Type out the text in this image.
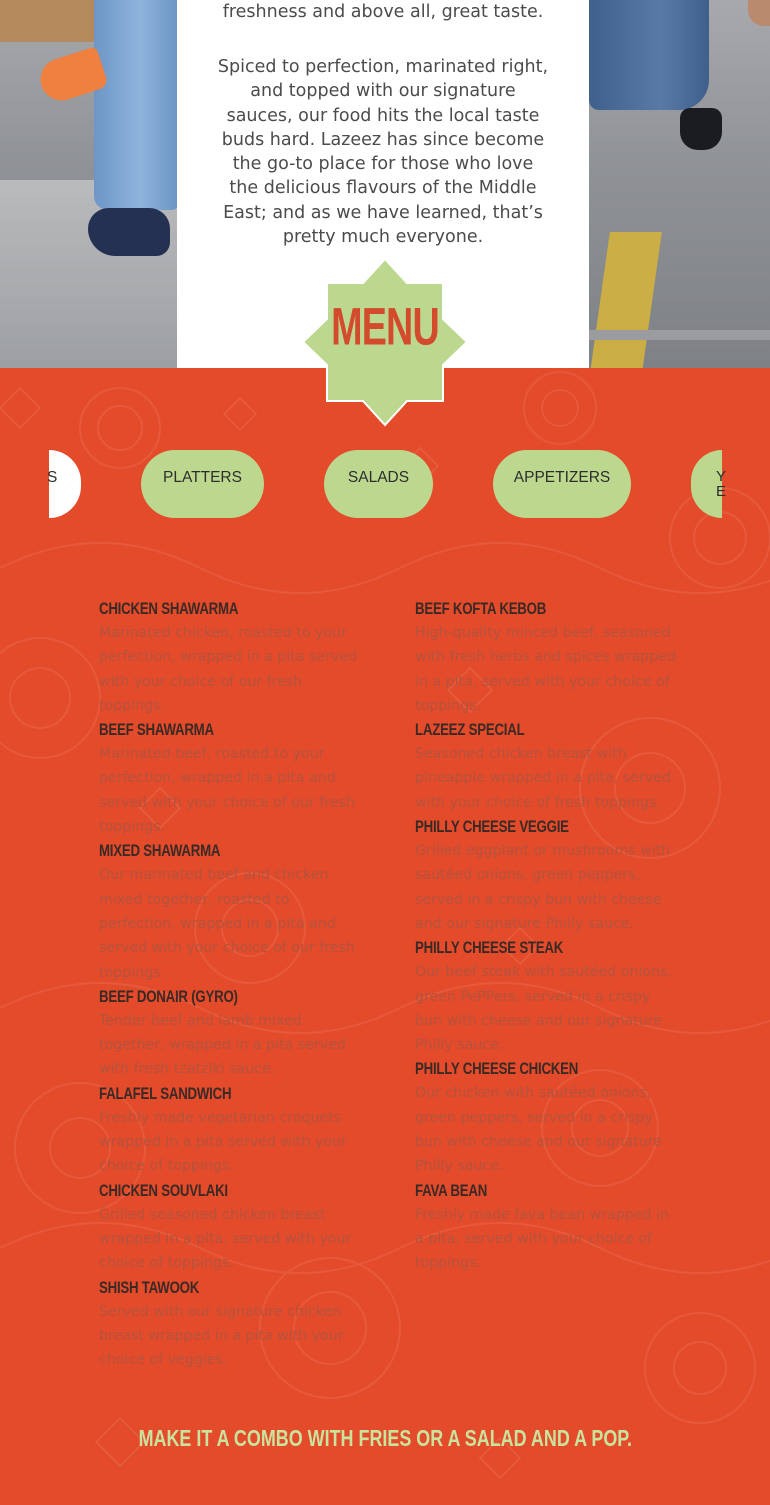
freshness and above all, great taste.

Spiced to perfection, marinated right, and topped with our signature sauces, our food hits the local taste buds hard. Lazeez has since become the go-to place for those who love the delicious flavours of the Middle East; and as we have learned, that’s pretty much everyone.

MENU
S	PLATTERS	SALADS	APPETIZERS	Y E
CHICKEN SHAWARMA

Marinated chicken, roasted to your perfection, wrapped in a pita served with your choice of our fresh toppings.

BEEF SHAWARMA

Marinated beef, roasted to your perfection, wrapped in a pita and served with your choice of our fresh toppings.

MIXED SHAWARMA

Our marinated beef and chicken mixed together, roasted to perfection, wrapped in a pita and served with your choice of our fresh toppings.

BEEF DONAIR (GYRO)

Tender beef and lamb mixed together, wrapped in a pita served with fresh tzatziki sauce.

FALAFEL SANDWICH

Freshly made vegetarian croquets wrapped in a pita served with your choice of toppings.

CHICKEN SOUVLAKI

Grilled seasoned chicken breast wrapped in a pita, served with your choice of toppings.

SHISH TAWOOK

Served with our signature chicken breast wrapped in a pita with your choice of veggies.

BEEF KOFTA KEBOB

High-quality minced beef, seasoned with fresh herbs and spices wrapped in a pita, served with your choice of toppings.

LAZEEZ SPECIAL

Seasoned chicken breast with pineapple wrapped in a pita, served with your choice of fresh toppings.

PHILLY CHEESE VEGGIE

Grilled eggplant or mushrooms with sautéed onions, green peppers, served in a crispy bun with cheese and our signature Philly sauce.

PHILLY CHEESE STEAK

Our beef steak with sautéed onions, green PePPers, served in a crispy bun with cheese and our signature Philly sauce.

PHILLY CHEESE CHICKEN

Our chicken with sautéed onions, green peppers, served in a crispy bun with cheese and our signature Philly sauce.

FAVA BEAN

Freshly made fava bean wrapped in a pita, served with your choice of toppings.

MAKE IT A COMBO WITH FRIES OR A SALAD AND A POP.
